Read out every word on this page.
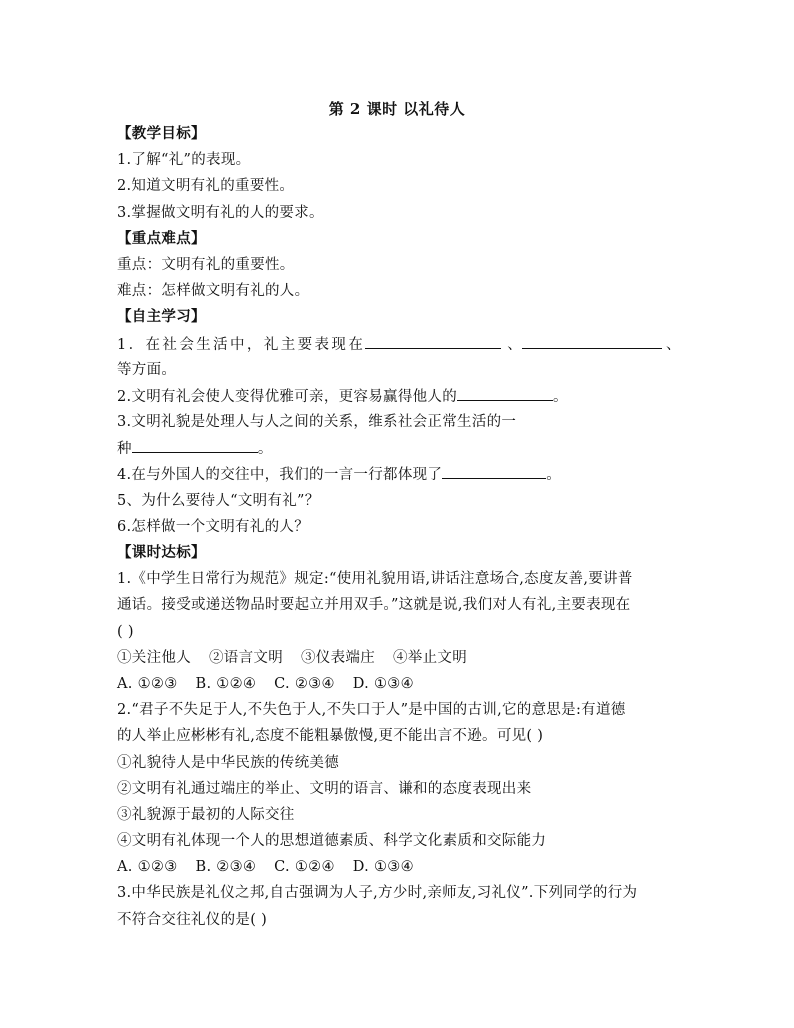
第 2 课时 以礼待人
【教学目标】
1.了解“礼”的表现。
2.知道文明有礼的重要性。
3.掌握做文明有礼的人的要求。
【重点难点】
重点：文明有礼的重要性。
难点：怎样做文明有礼的人。
【自主学习】
1．在社会生活中，礼主要表现在	、	、
等方面。
2.文明有礼会使人变得优雅可亲，更容易赢得他人的	。
3.文明礼貌是处理人与人之间的关系，维系社会正常生活的一
种	。
4.在与外国人的交往中，我们的一言一行都体现了	。
5、为什么要待人“文明有礼”？
6.怎样做一个文明有礼的人？
【课时达标】
1.《中学生日常行为规范》规定:“使用礼貌用语,讲话注意场合,态度友善,要讲普
通话。接受或递送物品时要起立并用双手。”这就是说,我们对人有礼,主要表现在
( )
①关注他人 ②语言文明 ③仪表端庄 ④举止文明
A. ①②③ B. ①②④ C. ②③④ D. ①③④
2.“君子不失足于人,不失色于人,不失口于人”是中国的古训,它的意思是:有道德
的人举止应彬彬有礼,态度不能粗暴傲慢,更不能出言不逊。可见( )
①礼貌待人是中华民族的传统美德
②文明有礼通过端庄的举止、文明的语言、谦和的态度表现出来
③礼貌源于最初的人际交往
④文明有礼体现一个人的思想道德素质、科学文化素质和交际能力
A. ①②③ B. ②③④ C. ①②④ D. ①③④
3.中华民族是礼仪之邦,自古强调为人子,方少时,亲师友,习礼仪”.下列同学的行为
不符合交往礼仪的是( )
